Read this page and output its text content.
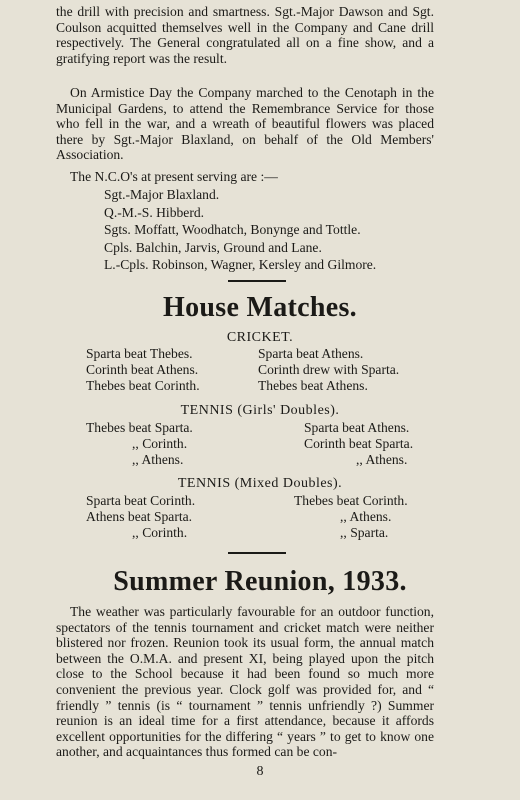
the drill with precision and smartness. Sgt.-Major Dawson and Sgt. Coulson acquitted themselves well in the Company and Cane drill respectively. The General congratulated all on a fine show, and a gratifying report was the result.

On Armistice Day the Company marched to the Cenotaph in the Municipal Gardens, to attend the Remembrance Service for those who fell in the war, and a wreath of beautiful flowers was placed there by Sgt.-Major Blaxland, on behalf of the Old Members' Association.

The N.C.O's at present serving are :—
Sgt.-Major Blaxland.
Q.-M.-S. Hibberd.
Sgts. Moffatt, Woodhatch, Bonynge and Tottle.
Cpls. Balchin, Jarvis, Ground and Lane.
L.-Cpls. Robinson, Wagner, Kersley and Gilmore.
House Matches.
CRICKET.
Sparta beat Thebes.
Corinth beat Athens.
Thebes beat Corinth.
Sparta beat Athens.
Corinth drew with Sparta.
Thebes beat Athens.
TENNIS (Girls' Doubles).
Thebes beat Sparta.
,, Corinth.
,, Athens.
Sparta beat Athens.
Corinth beat Sparta.
,, Athens.
TENNIS (Mixed Doubles).
Sparta beat Corinth.
Athens beat Sparta.
,, Corinth.
Thebes beat Corinth.
,, Athens.
,, Sparta.
Summer Reunion, 1933.

The weather was particularly favourable for an outdoor function, spectators of the tennis tournament and cricket match were neither blistered nor frozen. Reunion took its usual form, the annual match between the O.M.A. and present XI, being played upon the pitch close to the School because it had been found so much more convenient the previous year. Clock golf was provided for, and “ friendly ” tennis (is “ tournament ” tennis unfriendly ?) Summer reunion is an ideal time for a first attendance, because it affords excellent opportunities for the differing “ years ” to get to know one another, and acquaintances thus formed can be con-

8
